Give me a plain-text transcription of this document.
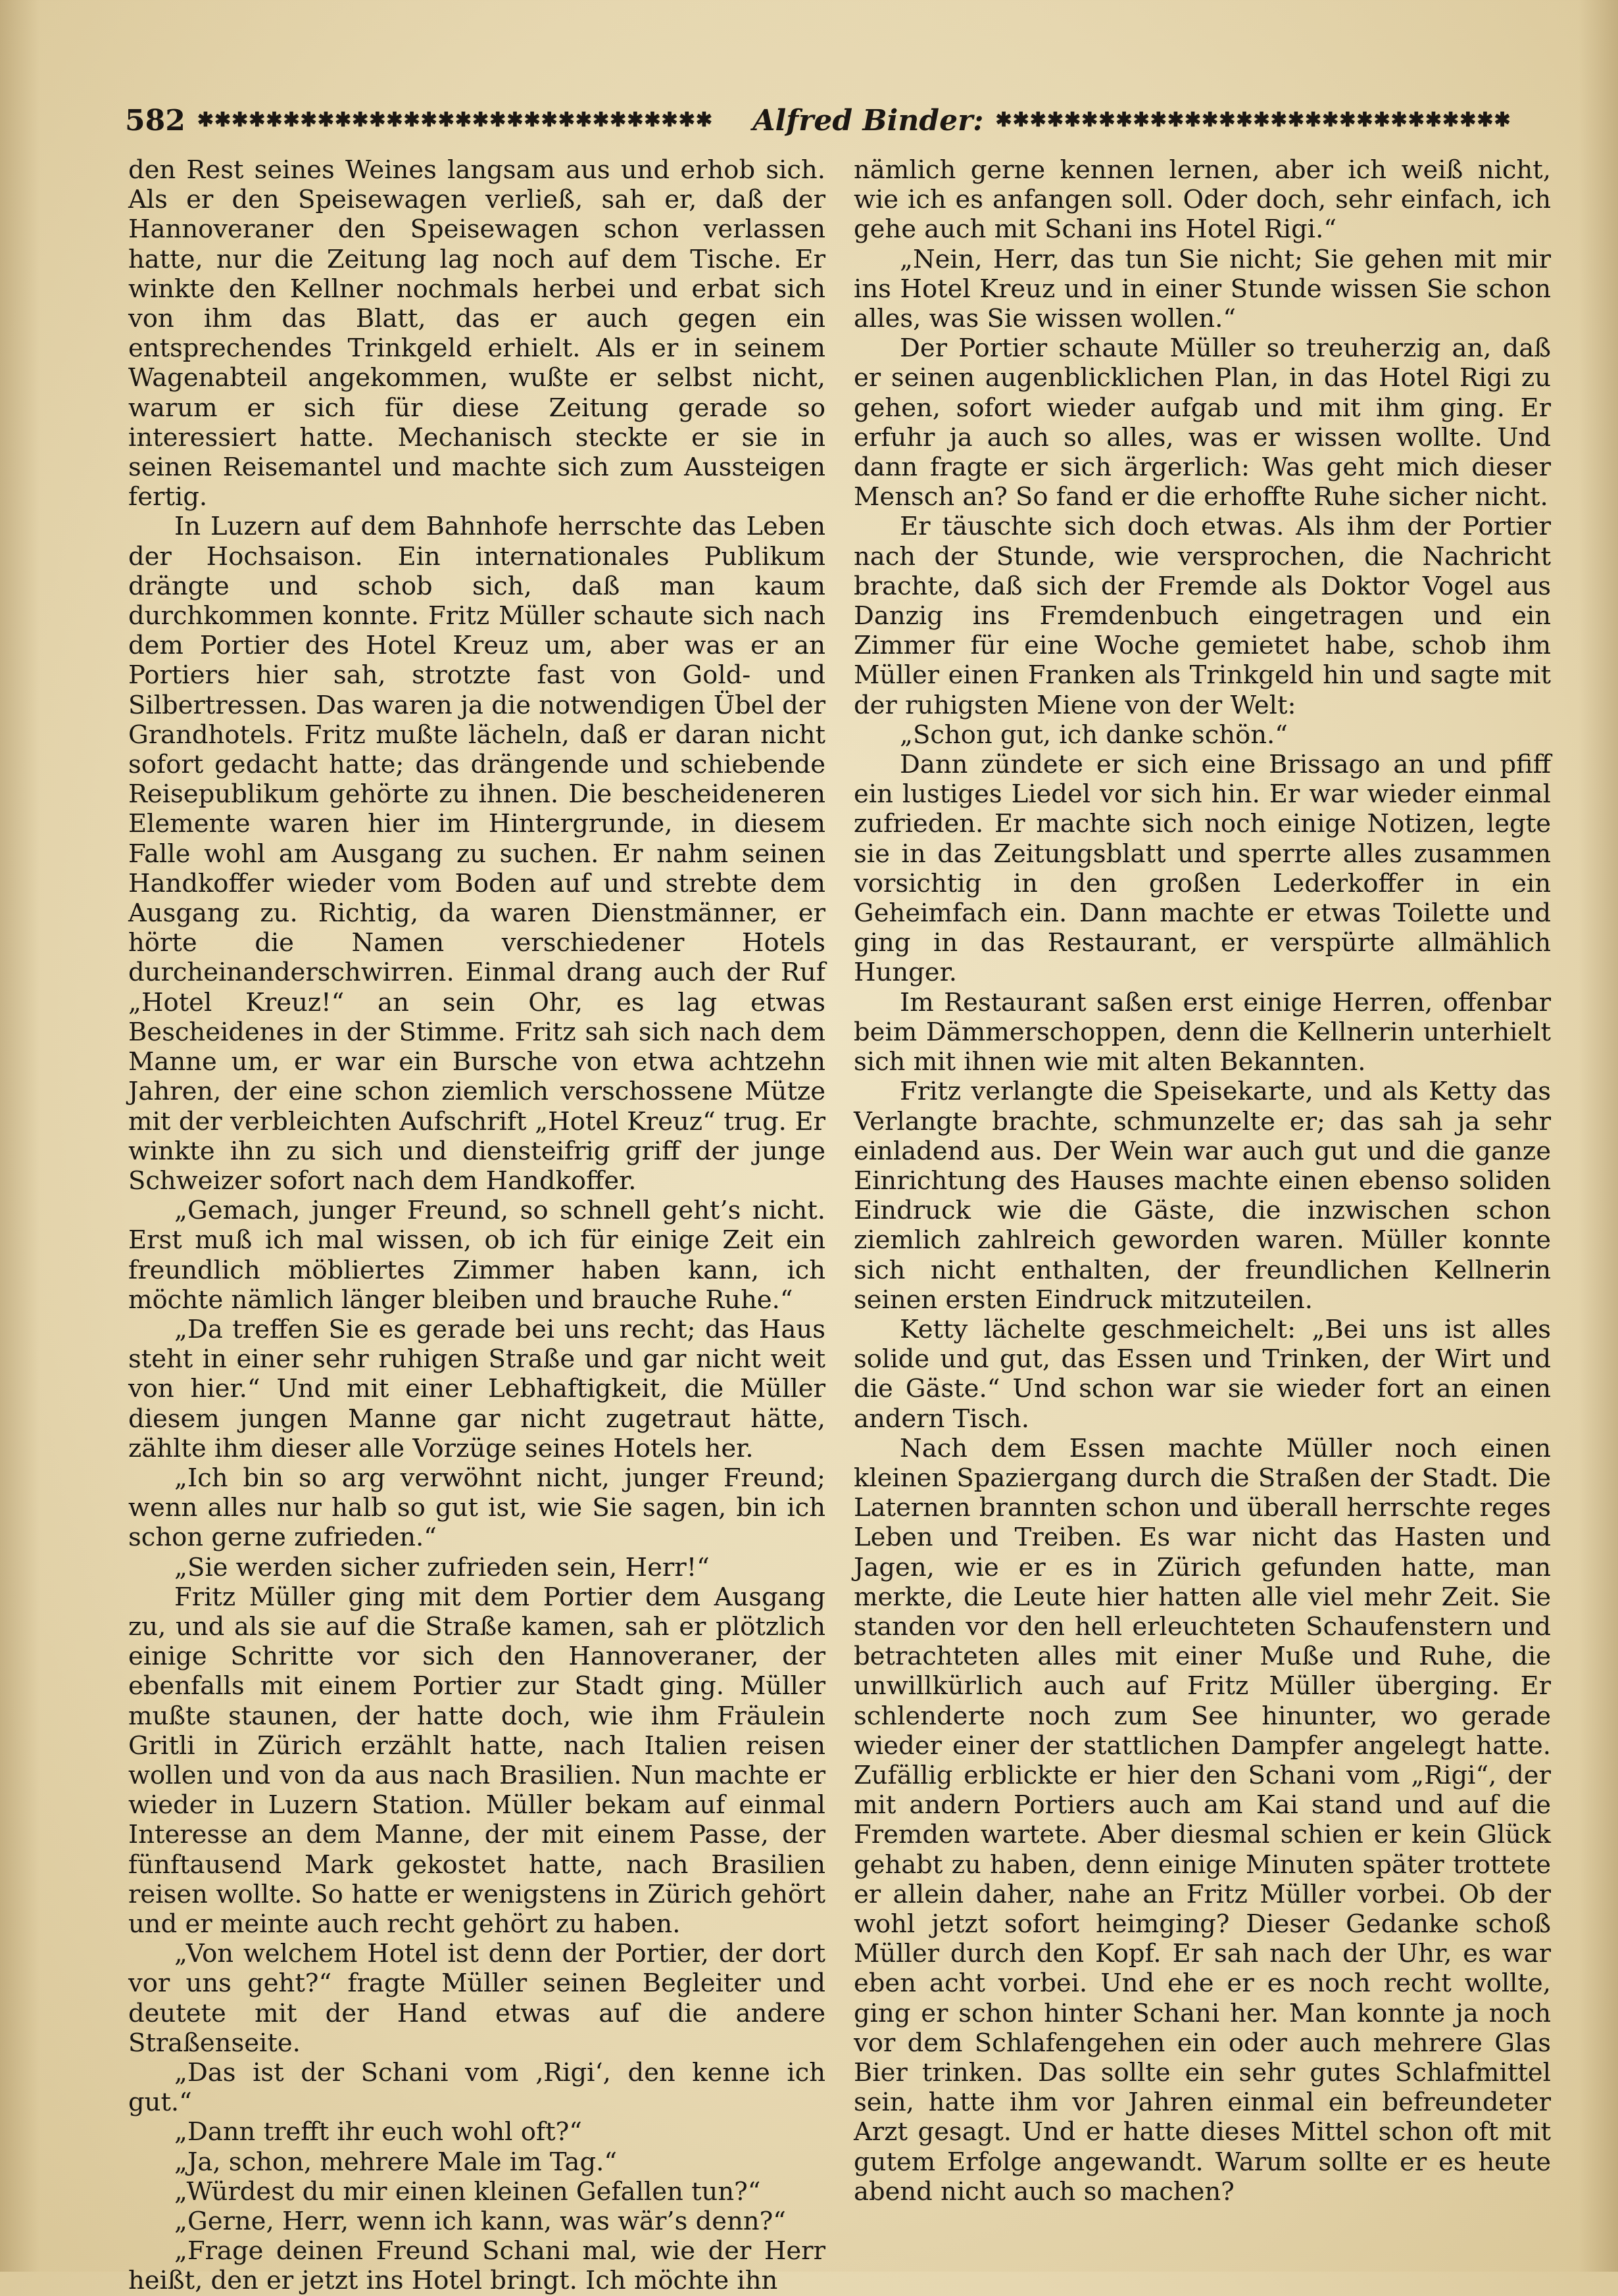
582 ✱✱✱✱✱✱✱✱✱✱✱✱✱✱✱✱✱✱✱✱✱✱✱✱✱✱✱✱✱✱	Alfred Binder: ✱✱✱✱✱✱✱✱✱✱✱✱✱✱✱✱✱✱✱✱✱✱✱✱✱✱✱✱✱✱

den Rest seines Weines langsam aus und erhob sich. Als er den Speisewagen verließ, sah er, daß der Hannoveraner den Speisewagen schon verlassen hatte, nur die Zeitung lag noch auf dem Tische. Er winkte den Kellner nochmals herbei und erbat sich von ihm das Blatt, das er auch gegen ein entsprechendes Trinkgeld erhielt. Als er in seinem Wagenabteil angekommen, wußte er selbst nicht, warum er sich für diese Zeitung gerade so interessiert hatte. Mechanisch steckte er sie in seinen Reisemantel und machte sich zum Aussteigen fertig.

In Luzern auf dem Bahnhofe herrschte das Leben der Hochsaison. Ein internationales Publikum drängte und schob sich, daß man kaum durchkommen konnte. Fritz Müller schaute sich nach dem Portier des Hotel Kreuz um, aber was er an Portiers hier sah, strotzte fast von Gold- und Silbertressen. Das waren ja die notwendigen Übel der Grandhotels. Fritz mußte lächeln, daß er daran nicht sofort gedacht hatte; das drängende und schiebende Reisepublikum gehörte zu ihnen. Die bescheideneren Elemente waren hier im Hintergrunde, in diesem Falle wohl am Ausgang zu suchen. Er nahm seinen Handkoffer wieder vom Boden auf und strebte dem Ausgang zu. Richtig, da waren Dienstmänner, er hörte die Namen verschiedener Hotels durcheinanderschwirren. Einmal drang auch der Ruf „Hotel Kreuz!“ an sein Ohr, es lag etwas Bescheidenes in der Stimme. Fritz sah sich nach dem Manne um, er war ein Bursche von etwa achtzehn Jahren, der eine schon ziemlich verschossene Mütze mit der verbleichten Aufschrift „Hotel Kreuz“ trug. Er winkte ihn zu sich und diensteifrig griff der junge Schweizer sofort nach dem Handkoffer.

„Gemach, junger Freund, so schnell geht’s nicht. Erst muß ich mal wissen, ob ich für einige Zeit ein freundlich möbliertes Zimmer haben kann, ich möchte nämlich länger bleiben und brauche Ruhe.“

„Da treffen Sie es gerade bei uns recht; das Haus steht in einer sehr ruhigen Straße und gar nicht weit von hier.“ Und mit einer Lebhaftigkeit, die Müller diesem jungen Manne gar nicht zugetraut hätte, zählte ihm dieser alle Vorzüge seines Hotels her.

„Ich bin so arg verwöhnt nicht, junger Freund; wenn alles nur halb so gut ist, wie Sie sagen, bin ich schon gerne zufrieden.“

„Sie werden sicher zufrieden sein, Herr!“

Fritz Müller ging mit dem Portier dem Ausgang zu, und als sie auf die Straße kamen, sah er plötzlich einige Schritte vor sich den Hannoveraner, der ebenfalls mit einem Portier zur Stadt ging. Müller mußte staunen, der hatte doch, wie ihm Fräulein Gritli in Zürich erzählt hatte, nach Italien reisen wollen und von da aus nach Brasilien. Nun machte er wieder in Luzern Station. Müller bekam auf einmal Interesse an dem Manne, der mit einem Passe, der fünftausend Mark gekostet hatte, nach Brasilien reisen wollte. So hatte er wenigstens in Zürich gehört und er meinte auch recht gehört zu haben.

„Von welchem Hotel ist denn der Portier, der dort vor uns geht?“ fragte Müller seinen Begleiter und deutete mit der Hand etwas auf die andere Straßenseite.

„Das ist der Schani vom ‚Rigi‘, den kenne ich gut.“

„Dann trefft ihr euch wohl oft?“

„Ja, schon, mehrere Male im Tag.“

„Würdest du mir einen kleinen Gefallen tun?“

„Gerne, Herr, wenn ich kann, was wär’s denn?“

„Frage deinen Freund Schani mal, wie der Herr heißt, den er jetzt ins Hotel bringt. Ich möchte ihn

nämlich gerne kennen lernen, aber ich weiß nicht, wie ich es anfangen soll. Oder doch, sehr einfach, ich gehe auch mit Schani ins Hotel Rigi.“

„Nein, Herr, das tun Sie nicht; Sie gehen mit mir ins Hotel Kreuz und in einer Stunde wissen Sie schon alles, was Sie wissen wollen.“

Der Portier schaute Müller so treuherzig an, daß er seinen augenblicklichen Plan, in das Hotel Rigi zu gehen, sofort wieder aufgab und mit ihm ging. Er erfuhr ja auch so alles, was er wissen wollte. Und dann fragte er sich ärgerlich: Was geht mich dieser Mensch an? So fand er die erhoffte Ruhe sicher nicht.

Er täuschte sich doch etwas. Als ihm der Portier nach der Stunde, wie versprochen, die Nachricht brachte, daß sich der Fremde als Doktor Vogel aus Danzig ins Fremdenbuch eingetragen und ein Zimmer für eine Woche gemietet habe, schob ihm Müller einen Franken als Trinkgeld hin und sagte mit der ruhigsten Miene von der Welt:

„Schon gut, ich danke schön.“

Dann zündete er sich eine Brissago an und pfiff ein lustiges Liedel vor sich hin. Er war wieder einmal zufrieden. Er machte sich noch einige Notizen, legte sie in das Zeitungsblatt und sperrte alles zusammen vorsichtig in den großen Lederkoffer in ein Geheimfach ein. Dann machte er etwas Toilette und ging in das Restaurant, er verspürte allmählich Hunger.

Im Restaurant saßen erst einige Herren, offenbar beim Dämmerschoppen, denn die Kellnerin unterhielt sich mit ihnen wie mit alten Bekannten.

Fritz verlangte die Speisekarte, und als Ketty das Verlangte brachte, schmunzelte er; das sah ja sehr einladend aus. Der Wein war auch gut und die ganze Einrichtung des Hauses machte einen ebenso soliden Eindruck wie die Gäste, die inzwischen schon ziemlich zahlreich geworden waren. Müller konnte sich nicht enthalten, der freundlichen Kellnerin seinen ersten Eindruck mitzuteilen.

Ketty lächelte geschmeichelt: „Bei uns ist alles solide und gut, das Essen und Trinken, der Wirt und die Gäste.“ Und schon war sie wieder fort an einen andern Tisch.

Nach dem Essen machte Müller noch einen kleinen Spaziergang durch die Straßen der Stadt. Die Laternen brannten schon und überall herrschte reges Leben und Treiben. Es war nicht das Hasten und Jagen, wie er es in Zürich gefunden hatte, man merkte, die Leute hier hatten alle viel mehr Zeit. Sie standen vor den hell erleuchteten Schaufenstern und betrachteten alles mit einer Muße und Ruhe, die unwillkürlich auch auf Fritz Müller überging. Er schlenderte noch zum See hinunter, wo gerade wieder einer der stattlichen Dampfer angelegt hatte. Zufällig erblickte er hier den Schani vom „Rigi“, der mit andern Portiers auch am Kai stand und auf die Fremden wartete. Aber diesmal schien er kein Glück gehabt zu haben, denn einige Minuten später trottete er allein daher, nahe an Fritz Müller vorbei. Ob der wohl jetzt sofort heimging? Dieser Gedanke schoß Müller durch den Kopf. Er sah nach der Uhr, es war eben acht vorbei. Und ehe er es noch recht wollte, ging er schon hinter Schani her. Man konnte ja noch vor dem Schlafengehen ein oder auch mehrere Glas Bier trinken. Das sollte ein sehr gutes Schlafmittel sein, hatte ihm vor Jahren einmal ein befreundeter Arzt gesagt. Und er hatte dieses Mittel schon oft mit gutem Erfolge angewandt. Warum sollte er es heute abend nicht auch so machen?
